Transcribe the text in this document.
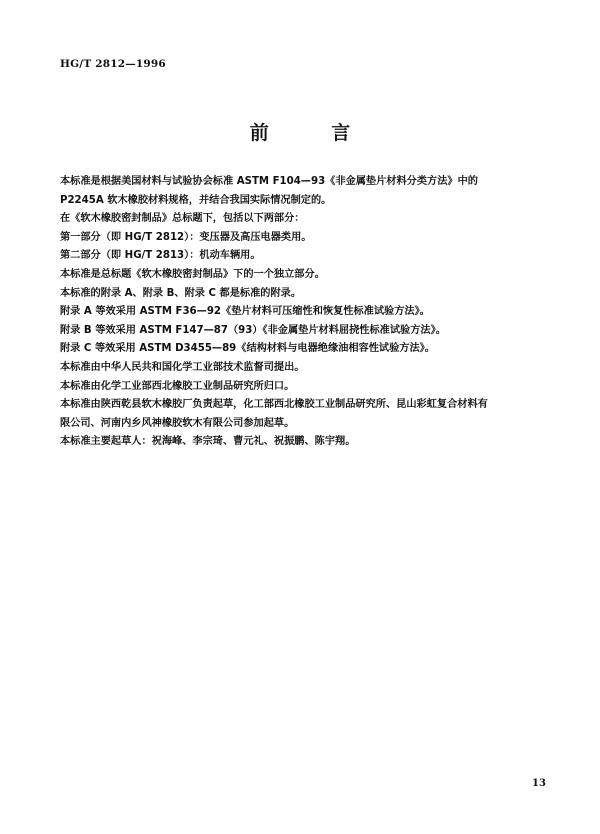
HG/T 2812—1996
前 言

本标准是根据美国材料与试验协会标准 ASTM F104—93《非金属垫片材料分类方法》中的

P2245A 软木橡胶材料规格，并结合我国实际情况制定的。

在《软木橡胶密封制品》总标题下，包括以下两部分：

第一部分（即 HG/T 2812）：变压器及高压电器类用。

第二部分（即 HG/T 2813）：机动车辆用。

本标准是总标题《软木橡胶密封制品》下的一个独立部分。

本标准的附录 A、附录 B、附录 C 都是标准的附录。

附录 A 等效采用 ASTM F36—92《垫片材料可压缩性和恢复性标准试验方法》。

附录 B 等效采用 ASTM F147—87（93）《非金属垫片材料屈挠性标准试验方法》。

附录 C 等效采用 ASTM D3455—89《结构材料与电器绝缘油相容性试验方法》。

本标准由中华人民共和国化学工业部技术监督司提出。

本标准由化学工业部西北橡胶工业制品研究所归口。

本标准由陕西乾县软木橡胶厂负责起草，化工部西北橡胶工业制品研究所、昆山彩虹复合材料有

限公司、河南内乡风神橡胶软木有限公司参加起草。

本标准主要起草人：祝海峰、李宗琦、曹元礼、祝振鹏、陈宇翔。

13
